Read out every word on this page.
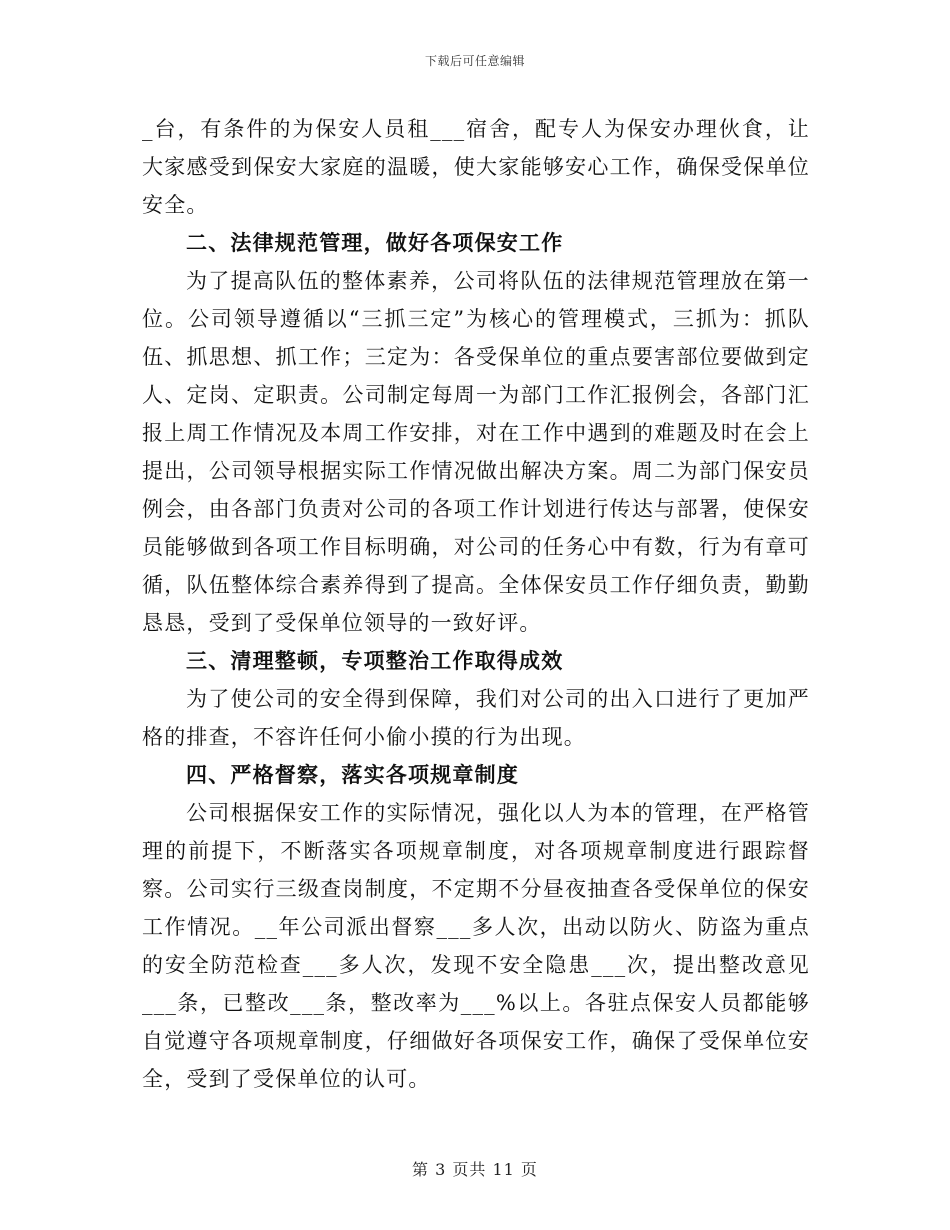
下载后可任意编辑

_台，有条件的为保安人员租___宿舍，配专人为保安办理伙食，让大家感受到保安大家庭的温暖，使大家能够安心工作，确保受保单位安全。

二、法律规范管理，做好各项保安工作

为了提高队伍的整体素养，公司将队伍的法律规范管理放在第一位。公司领导遵循以“三抓三定”为核心的管理模式，三抓为：抓队伍、抓思想、抓工作；三定为：各受保单位的重点要害部位要做到定人、定岗、定职责。公司制定每周一为部门工作汇报例会，各部门汇报上周工作情况及本周工作安排，对在工作中遇到的难题及时在会上提出，公司领导根据实际工作情况做出解决方案。周二为部门保安员例会，由各部门负责对公司的各项工作计划进行传达与部署，使保安员能够做到各项工作目标明确，对公司的任务心中有数，行为有章可循，队伍整体综合素养得到了提高。全体保安员工作仔细负责，勤勤恳恳，受到了受保单位领导的一致好评。

三、清理整顿，专项整治工作取得成效

为了使公司的安全得到保障，我们对公司的出入口进行了更加严格的排查，不容许任何小偷小摸的行为出现。

四、严格督察，落实各项规章制度

公司根据保安工作的实际情况，强化以人为本的管理，在严格管理的前提下，不断落实各项规章制度，对各项规章制度进行跟踪督察。公司实行三级查岗制度，不定期不分昼夜抽查各受保单位的保安工作情况。__年公司派出督察___多人次，出动以防火、防盗为重点的安全防范检查___多人次，发现不安全隐患___次，提出整改意见___条，已整改___条，整改率为___%以上。各驻点保安人员都能够自觉遵守各项规章制度，仔细做好各项保安工作，确保了受保单位安全，受到了受保单位的认可。

第 3 页共 11 页
